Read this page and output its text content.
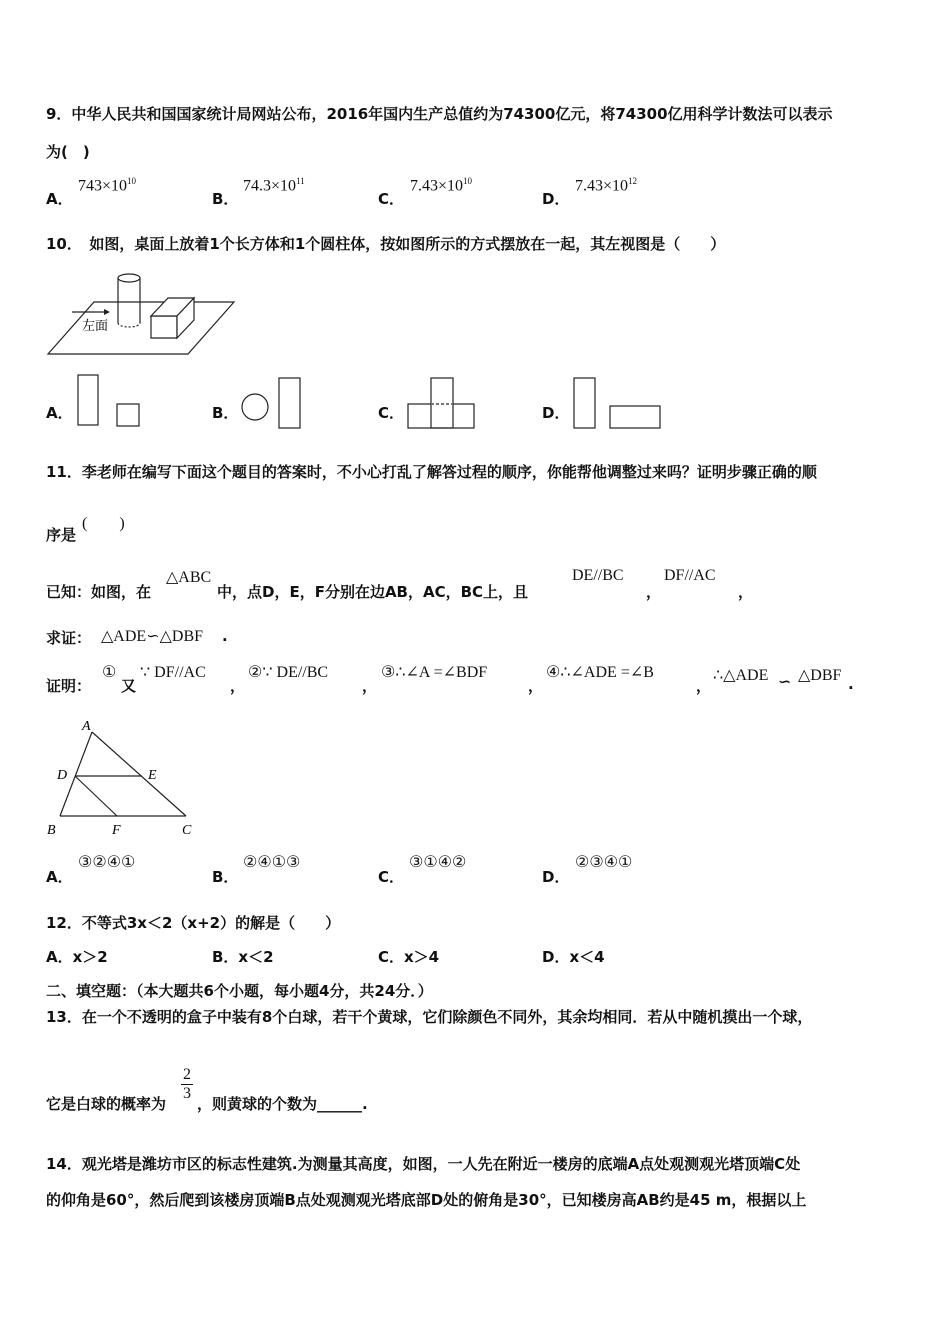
9．中华人民共和国国家统计局网站公布，2016年国内生产总值约为74300亿元，将74300亿用科学计数法可以表示
为(　)
A．
$743\times 10^{10}$
B．
$74.3\times 10^{11}$
C．
$7.43\times 10^{10}$
D．
$7.43\times 10^{12}$
10．　如图，桌面上放着1个长方体和1个圆柱体，按如图所示的方式摆放在一起，其左视图是（　　）
左面
A．	B．	C．	D．
11．李老师在编写下面这个题目的答案时，不小心打乱了解答过程的顺序，你能帮他调整过来吗？证明步骤正确的顺
序是
(　　)
已知：如图，在
△ABC
中，点D，E，F分别在边AB，AC，BC上，且
DE//BC
，
DF//AC
，
求证： △ADE∽△DBF .
证明：
①
又
∵ DF//AC
，
②∵ DE//BC
，
③∴∠A =∠BDF
，
④∴∠ADE =∠B
，
∴△ADE ∽ △DBF .
A
D	E
B	F	C
A．
③②④①
B．
②④①③
C．
③①④②
D．
②③④①
12．不等式3x＜2（x+2）的解是（　　）
A．x＞2	B．x＜2	C．x＞4	D．x＜4
二、填空题：（本大题共6个小题，每小题4分，共24分．）
13．在一个不透明的盒子中装有8个白球，若干个黄球，它们除颜色不同外，其余均相同．若从中随机摸出一个球，
它是白球的概率为
$\frac{2}{3}$
，则黄球的个数为______.
14．观光塔是潍坊市区的标志性建筑.为测量其高度，如图，一人先在附近一楼房的底端A点处观测观光塔顶端C处
的仰角是60°，然后爬到该楼房顶端B点处观测观光塔底部D处的俯角是30°，已知楼房高AB约是45 m，根据以上
